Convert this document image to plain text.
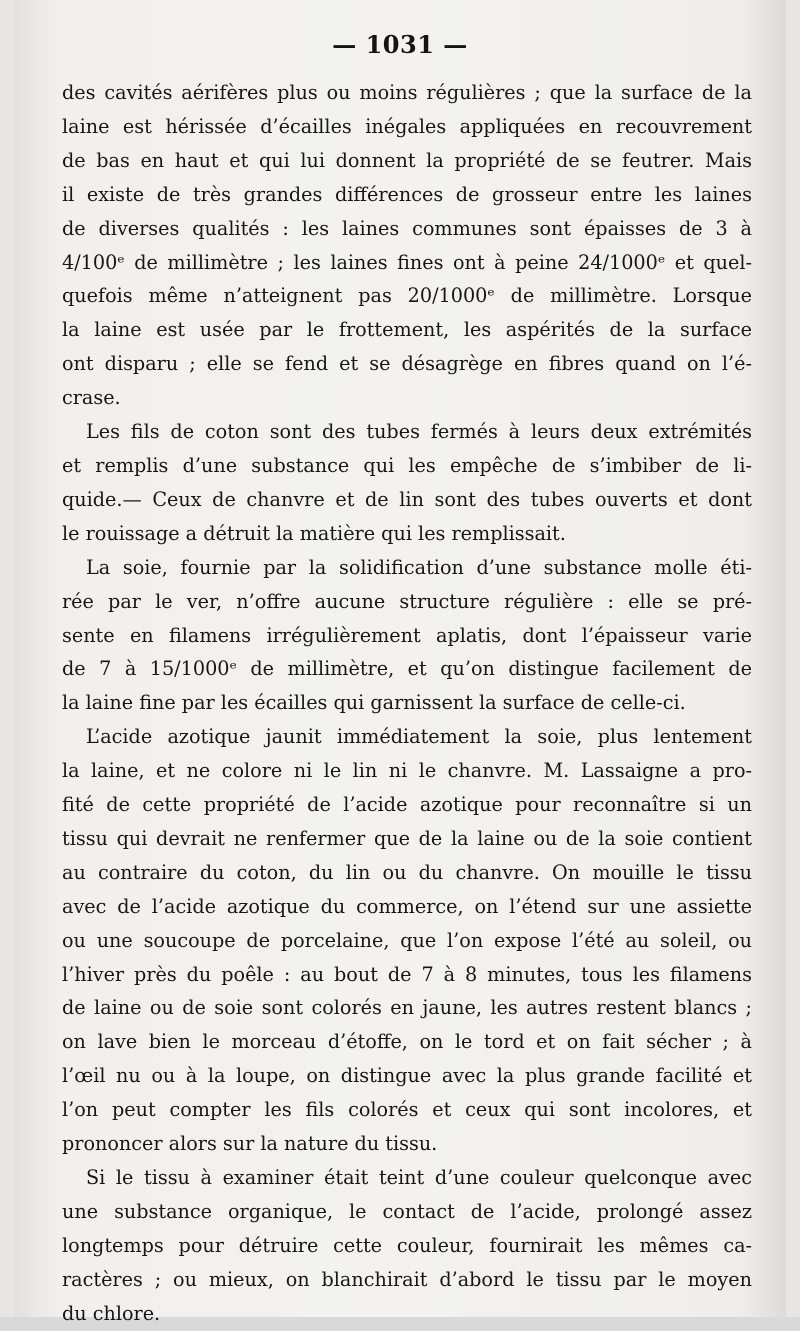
— 1031 —

des cavités aérifères plus ou moins régulières ; que la surface de la
laine est hérissée d’écailles inégales appliquées en recouvrement
de bas en haut et qui lui donnent la propriété de se feutrer. Mais
il existe de très grandes différences de grosseur entre les laines
de diverses qualités : les laines communes sont épaisses de 3 à
4/100ᵉ de millimètre ; les laines fines ont à peine 24/1000ᵉ et quel-
quefois même n’atteignent pas 20/1000ᵉ de millimètre. Lorsque
la laine est usée par le frottement, les aspérités de la surface
ont disparu ; elle se fend et se désagrège en fibres quand on l’é-
crase.

Les fils de coton sont des tubes fermés à leurs deux extrémités
et remplis d’une substance qui les empêche de s’imbiber de li-
quide.— Ceux de chanvre et de lin sont des tubes ouverts et dont
le rouissage a détruit la matière qui les remplissait.

La soie, fournie par la solidification d’une substance molle éti-
rée par le ver, n’offre aucune structure régulière : elle se pré-
sente en filamens irrégulièrement aplatis, dont l’épaisseur varie
de 7 à 15/1000ᵉ de millimètre, et qu’on distingue facilement de
la laine fine par les écailles qui garnissent la surface de celle-ci.

L’acide azotique jaunit immédiatement la soie, plus lentement
la laine, et ne colore ni le lin ni le chanvre. M. Lassaigne a pro-
fité de cette propriété de l’acide azotique pour reconnaître si un
tissu qui devrait ne renfermer que de la laine ou de la soie contient
au contraire du coton, du lin ou du chanvre. On mouille le tissu
avec de l’acide azotique du commerce, on l’étend sur une assiette
ou une soucoupe de porcelaine, que l’on expose l’été au soleil, ou
l’hiver près du poêle : au bout de 7 à 8 minutes, tous les filamens
de laine ou de soie sont colorés en jaune, les autres restent blancs ;
on lave bien le morceau d’étoffe, on le tord et on fait sécher ; à
l’œil nu ou à la loupe, on distingue avec la plus grande facilité et
l’on peut compter les fils colorés et ceux qui sont incolores, et
prononcer alors sur la nature du tissu.

Si le tissu à examiner était teint d’une couleur quelconque avec
une substance organique, le contact de l’acide, prolongé assez
longtemps pour détruire cette couleur, fournirait les mêmes ca-
ractères ; ou mieux, on blanchirait d’abord le tissu par le moyen
du chlore.
